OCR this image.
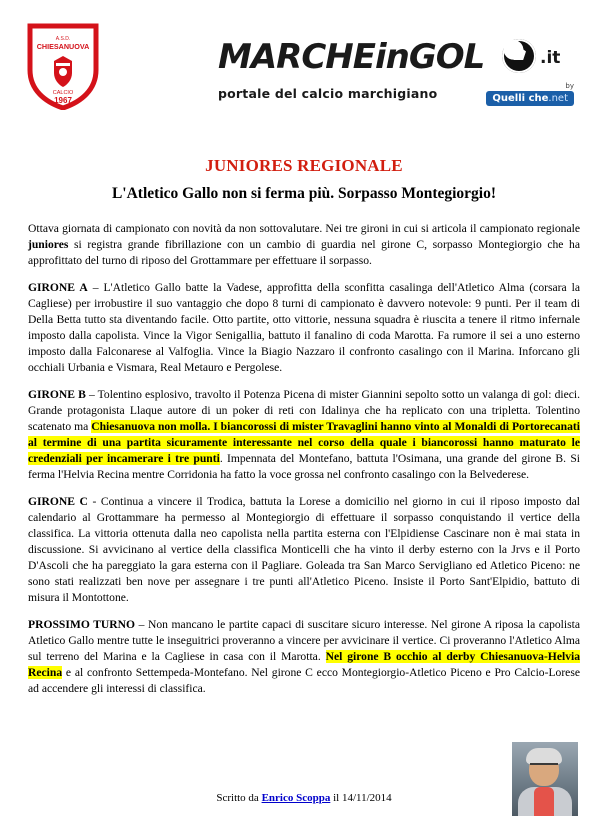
A.S.D.
CHIESANUOVA
CALCIO
1967
MARCHEinGOL	.it
portale del calcio marchigiano	by
Quelli che.net
JUNIORES REGIONALE
L'Atletico Gallo non si ferma più. Sorpasso Montegiorgio!

Ottava giornata di campionato con novità da non sottovalutare. Nei tre gironi in cui si articola il campionato regionale juniores si registra grande fibrillazione con un cambio di guardia nel girone C, sorpasso Montegiorgio che ha approfittato del turno di riposo del Grottammare per effettuare il sorpasso.

GIRONE A – L'Atletico Gallo batte la Vadese, approfitta della sconfitta casalinga dell'Atletico Alma (corsara la Cagliese) per irrobustire il suo vantaggio che dopo 8 turni di campionato è davvero notevole: 9 punti. Per il team di Della Betta tutto sta diventando facile. Otto partite, otto vittorie, nessuna squadra è riuscita a tenere il ritmo infernale imposto dalla capolista. Vince la Vigor Senigallia, battuto il fanalino di coda Marotta. Fa rumore il sei a uno esterno imposto dalla Falconarese al Valfoglia. Vince la Biagio Nazzaro il confronto casalingo con il Marina. Inforcano gli occhiali Urbania e Vismara, Real Metauro e Pergolese.

GIRONE B – Tolentino esplosivo, travolto il Potenza Picena di mister Giannini sepolto sotto un valanga di gol: dieci. Grande protagonista Llaque autore di un poker di reti con Idalinya che ha replicato con una tripletta. Tolentino scatenato ma Chiesanuova non molla. I biancorossi di mister Travaglini hanno vinto al Monaldi di Portorecanati al termine di una partita sicuramente interessante nel corso della quale i biancorossi hanno maturato le credenziali per incamerare i tre punti. Impennata del Montefano, battuta l'Osimana, una grande del girone B. Si ferma l'Helvia Recina mentre Corridonia ha fatto la voce grossa nel confronto casalingo con la Belvederese.

GIRONE C - Continua a vincere il Trodica, battuta la Lorese a domicilio nel giorno in cui il riposo imposto dal calendario al Grottammare ha permesso al Montegiorgio di effettuare il sorpasso conquistando il vertice della classifica. La vittoria ottenuta dalla neo capolista nella partita esterna con l'Elpidiense Cascinare non è mai stata in discussione. Si avvicinano al vertice della classifica Monticelli che ha vinto il derby esterno con la Jrvs e il Porto D'Ascoli che ha pareggiato la gara esterna con il Pagliare. Goleada tra San Marco Servigliano ed Atletico Piceno: ne sono stati realizzati ben nove per assegnare i tre punti all'Atletico Piceno. Insiste il Porto Sant'Elpidio, battuto di misura il Montottone.

PROSSIMO TURNO – Non mancano le partite capaci di suscitare sicuro interesse. Nel girone A riposa la capolista Atletico Gallo mentre tutte le inseguitrici proveranno a vincere per avvicinare il vertice. Ci proveranno l'Atletico Alma sul terreno del Marina e la Cagliese in casa con il Marotta. Nel girone B occhio al derby Chiesanuova-Helvia Recina e al confronto Settempeda-Montefano. Nel girone C ecco Montegiorgio-Atletico Piceno e Pro Calcio-Lorese ad accendere gli interessi di classifica.

Scritto da Enrico Scoppa il 14/11/2014
